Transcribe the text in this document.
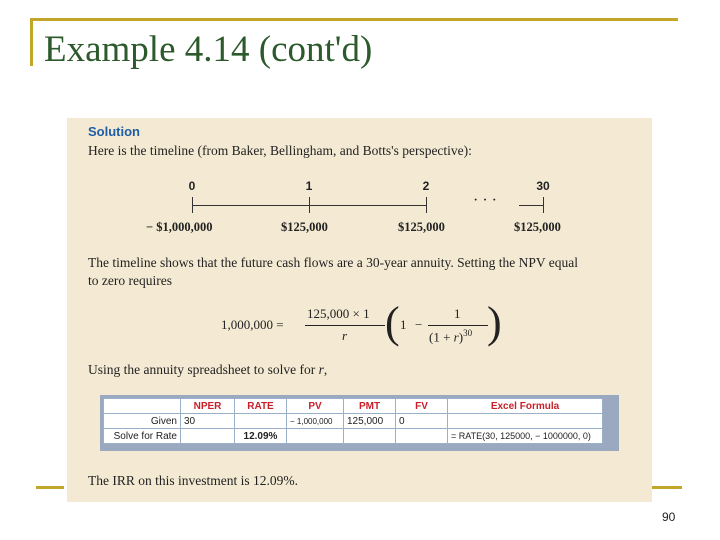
Example 4.14 (cont'd)
Solution
Here is the timeline (from Baker, Bellingham, and Botts's perspective):
0	1	2	30
· · ·
− $1,000,000	$125,000	$125,000	$125,000
The timeline shows that the future cash flows are a 30-year annuity. Setting the NPV equal
to zero requires
1,000,000 =
125,000 × 1
r ( 1 −
1
$(1 + r)^{30}$ )
Using the annuity spreadsheet to solve for r,
	NPER	RATE	PV	PMT	FV	Excel Formula
Given	30		− 1,000,000	125,000	0	
Solve for Rate		12.09%				= RATE(30, 125000, − 1000000, 0)
The IRR on this investment is 12.09%.
90
